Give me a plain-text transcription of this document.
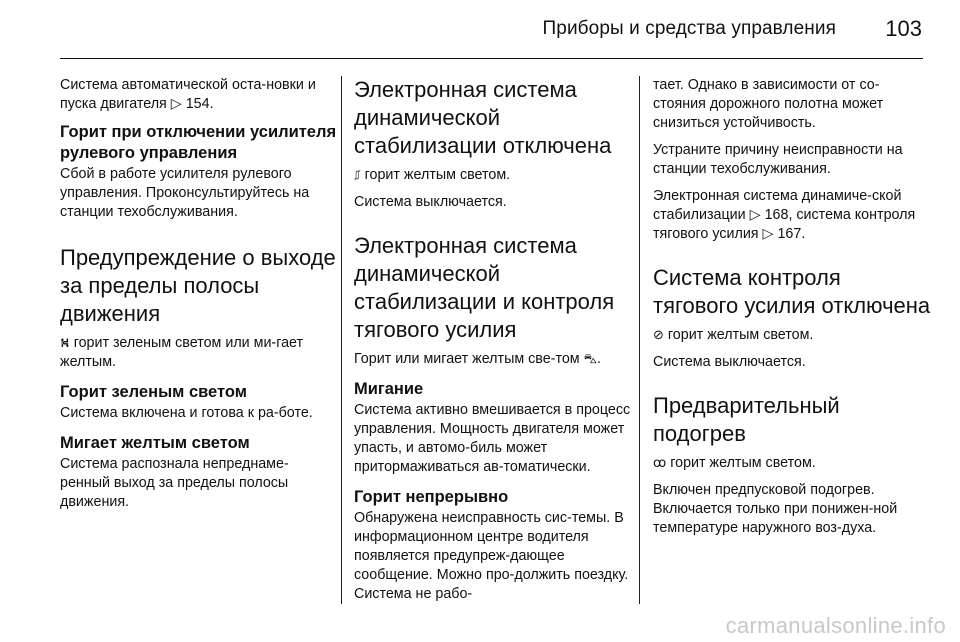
Приборы и средства управления 103

Система автоматической оста-новки и пуска двигателя ▷ 154.

Горит при отключении усилителя рулевого управления

Сбой в работе усилителя рулевого управления. Проконсультируйтесь на станции техобслуживания.

Предупреждение о выходе за пределы полосы движения

⛕ горит зеленым светом или ми-гает желтым.

Горит зеленым светом

Система включена и готова к ра-боте.

Мигает желтым светом

Система распознала непреднаме-ренный выход за пределы полосы движения.

Электронная система динамической стабилизации отключена

⎎ горит желтым светом.

Система выключается.

Электронная система динамической стабилизации и контроля тягового усилия

Горит или мигает желтым све-том ⛍.

Мигание

Система активно вмешивается в процесс управления. Мощность двигателя может упасть, и автомо-биль может притормаживаться ав-томатически.

Горит непрерывно

Обнаружена неисправность сис-темы. В информационном центре водителя появляется предупреж-дающее сообщение. Можно про-должить поездку. Система не рабо-

тает. Однако в зависимости от со-стояния дорожного полотна может снизиться устойчивость.

Устраните причину неисправности на станции техобслуживания.

Электронная система динамиче-ской стабилизации ▷ 168, система контроля тягового усилия ▷ 167.

Система контроля тягового усилия отключена

⊘ горит желтым светом.

Система выключается.

Предварительный подогрев

ꝏ горит желтым светом.

Включен предпусковой подогрев. Включается только при понижен-ной температуре наружного воз-духа.

carmanualsonline.info
